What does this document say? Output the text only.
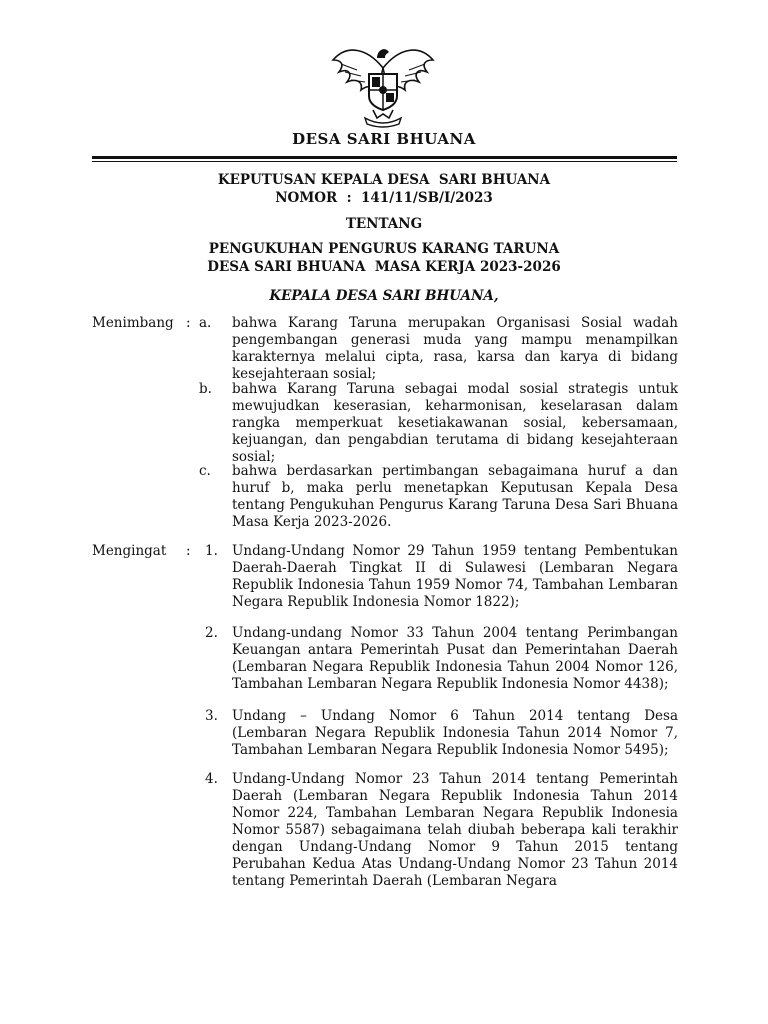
DESA SARI BHUANA
KEPUTUSAN KEPALA DESA  SARI BHUANA
NOMOR  :  141/11/SB/I/2023
TENTANG
PENGUKUHAN PENGURUS KARANG TARUNA
DESA SARI BHUANA  MASA KERJA 2023-2026
KEPALA DESA SARI BHUANA,
Menimbang : a. bahwa Karang Taruna merupakan Organisasi Sosial wadah pengembangan generasi muda yang mampu menampilkan karakternya melalui cipta, rasa, karsa dan karya di bidang kesejahteraan sosial;
b. bahwa Karang Taruna sebagai modal sosial strategis untuk mewujudkan keserasian, keharmonisan, keselarasan dalam rangka memperkuat kesetiakawanan sosial, kebersamaan, kejuangan, dan pengabdian terutama di bidang kesejahteraan sosial;
c. bahwa berdasarkan pertimbangan sebagaimana huruf a dan huruf b, maka perlu menetapkan Keputusan Kepala Desa tentang Pengukuhan Pengurus Karang Taruna Desa Sari Bhuana Masa Kerja 2023-2026.
Mengingat : 1. Undang-Undang Nomor 29 Tahun 1959 tentang Pembentukan Daerah-Daerah Tingkat II di Sulawesi (Lembaran Negara Republik Indonesia Tahun 1959 Nomor 74, Tambahan Lembaran Negara Republik Indonesia Nomor 1822);
2. Undang-undang Nomor 33 Tahun 2004 tentang Perimbangan Keuangan antara Pemerintah Pusat dan Pemerintahan Daerah (Lembaran Negara Republik Indonesia Tahun 2004 Nomor 126, Tambahan Lembaran Negara Republik Indonesia Nomor 4438);
3. Undang – Undang Nomor 6 Tahun 2014 tentang Desa (Lembaran Negara Republik Indonesia Tahun 2014 Nomor 7, Tambahan Lembaran Negara Republik Indonesia Nomor 5495);
4. Undang-Undang Nomor 23 Tahun 2014 tentang Pemerintah Daerah (Lembaran Negara Republik Indonesia Tahun 2014 Nomor 224, Tambahan Lembaran Negara Republik Indonesia Nomor 5587) sebagaimana telah diubah beberapa kali terakhir dengan Undang-Undang Nomor 9 Tahun 2015 tentang Perubahan Kedua Atas Undang-Undang Nomor 23 Tahun 2014 tentang Pemerintah Daerah (Lembaran Negara
